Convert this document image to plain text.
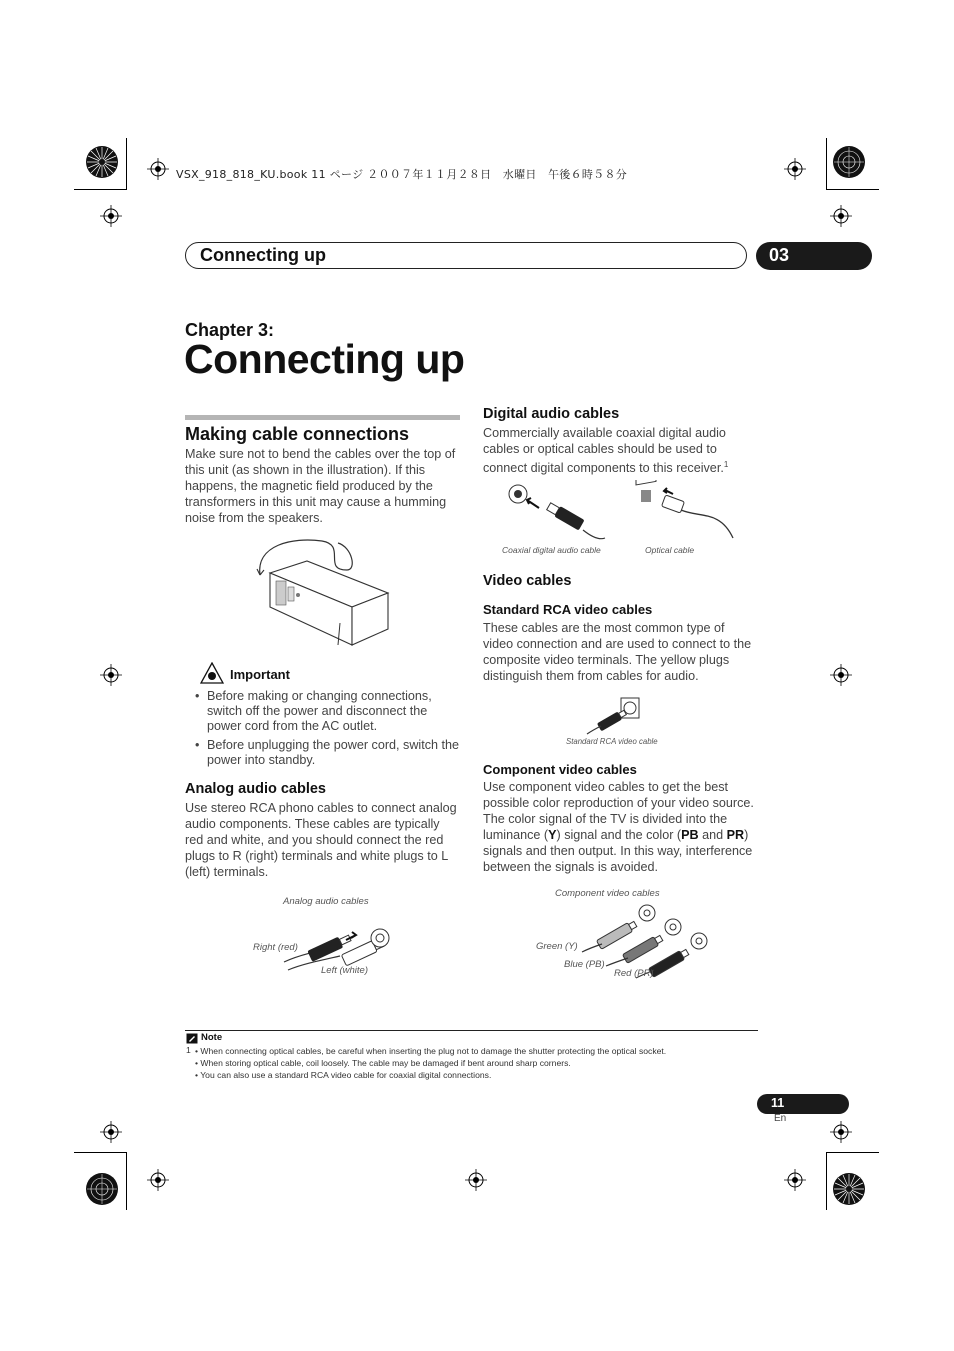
VSX_918_818_KU.book 11 ページ ２００７年１１月２８日　水曜日　午後６時５８分
Connecting up	03
Chapter 3:
Connecting up
Making cable connections

Make sure not to bend the cables over the top of this unit (as shown in the illustration). If this happens, the magnetic field produced by the transformers in this unit may cause a humming noise from the speakers.

Important
• Before making or changing connections, switch off the power and disconnect the power cord from the AC outlet.
• Before unplugging the power cord, switch the power into standby.
Analog audio cables

Use stereo RCA phono cables to connect analog audio components. These cables are typically red and white, and you should connect the red plugs to R (right) terminals and white plugs to L (left) terminals.

Analog audio cables
Right (red)
Left (white)
Digital audio cables

Commercially available coaxial digital audio cables or optical cables should be used to connect digital components to this receiver.$^1$

Coaxial digital audio cable	Optical cable
Video cables
Standard RCA video cables

These cables are the most common type of video connection and are used to connect to the composite video terminals. The yellow plugs distinguish them from cables for audio.

Standard RCA video cable
Component video cables

Use component video cables to get the best possible color reproduction of your video source. The color signal of the TV is divided into the luminance (Y) signal and the color (PB and PR) signals and then output. In this way, interference between the signals is avoided.

Component video cables
Green (Y)
Blue (PB)
Red (PR)
Note
1 • When connecting optical cables, be careful when inserting the plug not to damage the shutter protecting the optical socket.
• When storing optical cable, coil loosely. The cable may be damaged if bent around sharp corners.
• You can also use a standard RCA video cable for coaxial digital connections.
11
En
